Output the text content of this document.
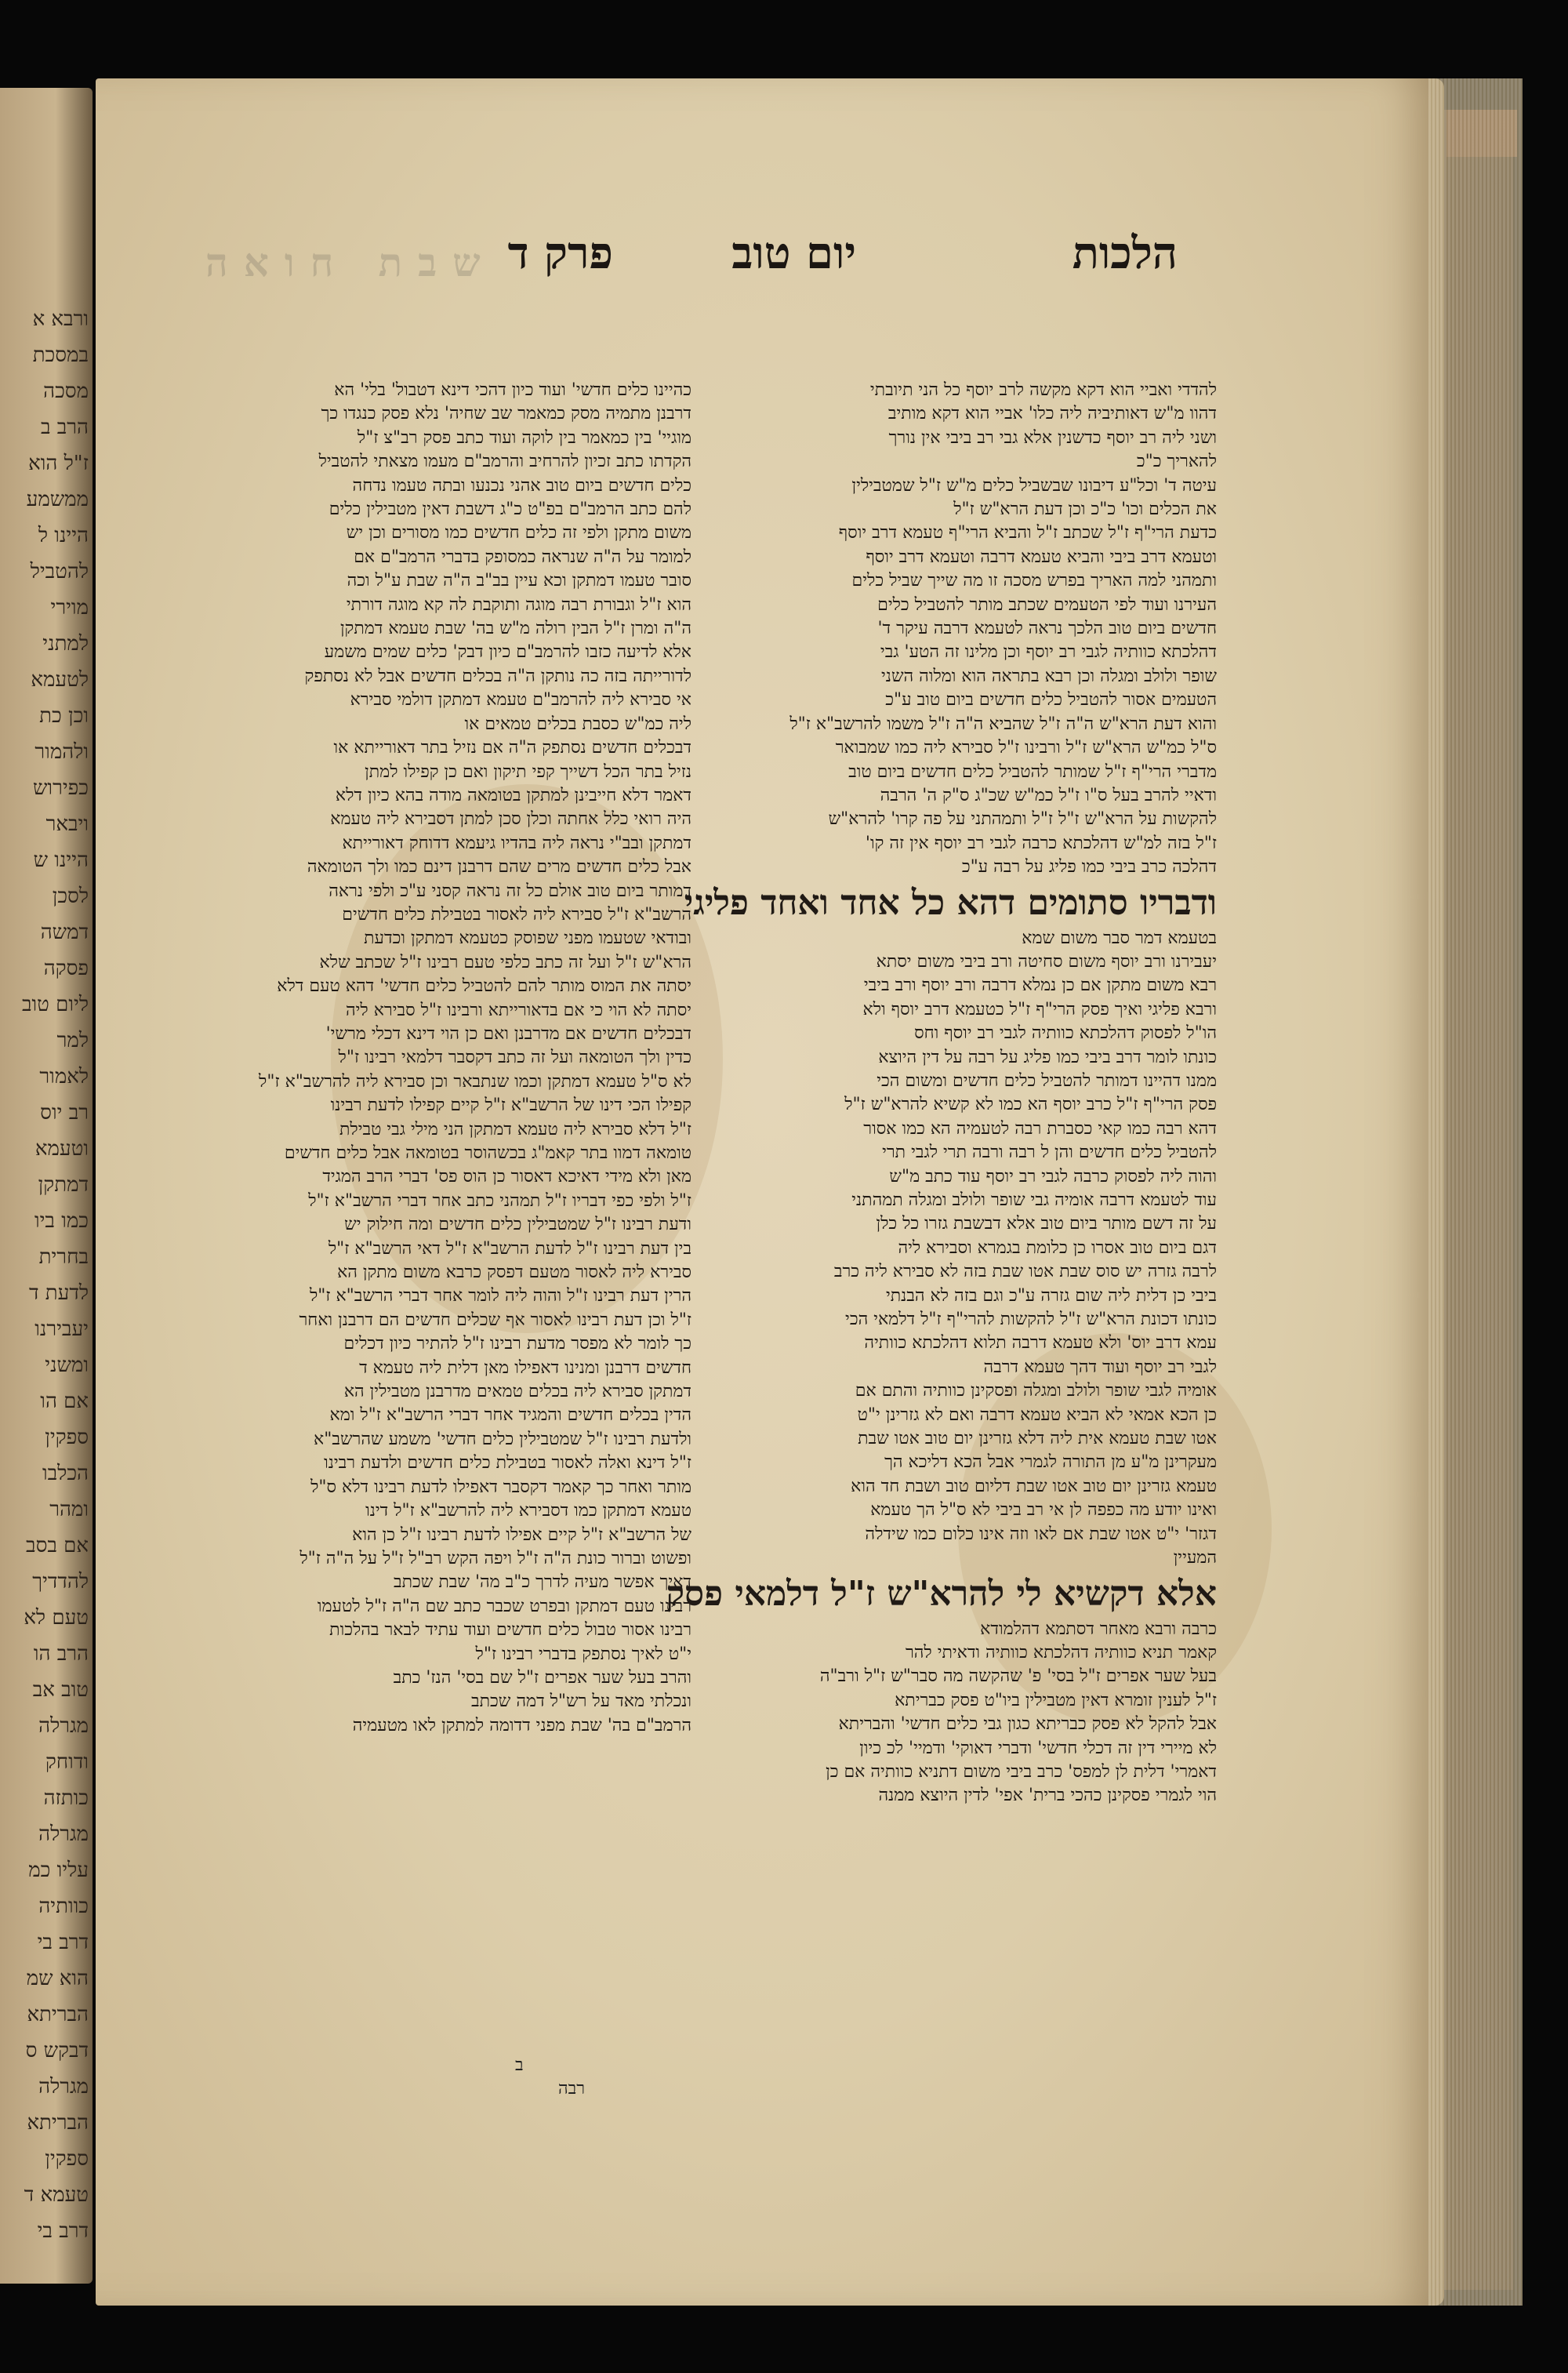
ורבא א
במסכת
מסכה
הרב ב
ז"ל הוא
ממשמע
היינו ל
להטביל
מוירי
למתני
לטעמא
וכן כת
ולהמור
כפירוש
ויבאר
היינו ש
לסכן
דמשה
פסקה
ליום טוב
למר
לאמור
רב יוס
וטעמא
דמתקן
כמו ביו
בחרית
לדעת ד
יעבירנו
ומשני
אם הו
ספקין
הכלבו
ומהר
אם בסב
להדדיך
טעם לא
הרב הו
טוב אב
מגרלה
ודוחק
כותזה
מגרלה
עליו כמ
כוותיה
דרב בי
הוא שמ
הבריתא
דבקש ס
מגרלה
הבריתא
ספקין
טעמא ד
דרב בי
שבת חואה	הלכות
יום טוב
פרק ד

להדדי ואביי הוא דקא מקשה לרב יוסף כל הני תיובתי

דהוו מ"ש דאותיביה ליה כלו' אביי הוא דקא מותיב

ושני ליה רב יוסף כדשנין אלא גבי רב ביבי אין נורך

להאריך כ"כ

עיטה ד' וכל"ע דיבונו שבשביל כלים מ"ש ז"ל שמטבילין

את הכלים וכו' כ"כ וכן דעת הרא"ש ז"ל

כדעת הרי"ף ז"ל שכתב ז"ל והביא הרי"ף טעמא דרב יוסף

וטעמא דרב ביבי והביא טעמא דרבה וטעמא דרב יוסף

ותמהני למה האריך בפרש מסכה זו מה שייך שביל כלים

העירנו ועוד לפי הטעמים שכתב מותר להטביל כלים

חדשים ביום טוב הלכך נראה לטעמא דרבה עיקר ד'

דהלכתא כוותיה לגבי רב יוסף וכן מלינו זה הטע' גבי

שופר ולולב ומגלה וכן רבא בתראה הוא ומלוה השני

הטעמים אסור להטביל כלים חדשים ביום טוב ע"כ

והוא דעת הרא"ש ה"ה ז"ל שהביא ה"ה ז"ל משמו להרשב"א ז"ל

ס"ל כמ"ש הרא"ש ז"ל ורבינו ז"ל סבירא ליה כמו שמבואר

מדברי הרי"ף ז"ל שמותר להטביל כלים חדשים ביום טוב

ודאיי להרב בעל ס"ו ז"ל כמ"ש שכ"ג ס"ק ה' הרבה

להקשות על הרא"ש ז"ל ז"ל ותמהתני על פה קרו' להרא"ש

ז"ל בזה למ"ש דהלכתא כרבה לגבי רב יוסף אין זה קו'

דהלכה כרב ביבי כמו פליג על רבה ע"כ

ודבריו סתומים דהא כל אחד ואחד פליגי

בטעמא דמר סבר משום שמא

יעבירנו ורב יוסף משום סחיטה ורב ביבי משום יסתא

רבא משום מתקן אם כן נמלא דרבה ורב יוסף ורב ביבי

ורבא פליגי ואיך פסק הרי"ף ז"ל כטעמא דרב יוסף ולא

הו"ל לפסוק דהלכתא כוותיה לגבי רב יוסף וחס

כונתו לומר דרב ביבי כמו פליג על רבה על דין היוצא

ממנו דהיינו דמותר להטביל כלים חדשים ומשום הכי

פסק הרי"ף ז"ל כרב יוסף הא כמו לא קשיא להרא"ש ז"ל

דהא רבה כמו קאי כסברת רבה לטעמיה הא כמו אסור

להטביל כלים חדשים והן ל רבה ורבה תרי לגבי תרי

והוה ליה לפסוק כרבה לגבי רב יוסף עוד כתב מ"ש

עוד לטעמא דרבה אומיה גבי שופר ולולב ומגלה תמהתני

על זה דשם מותר ביום טוב אלא דבשבת גזרו כל כלן

דגם ביום טוב אסרו כן כלומת בגמרא וסבירא ליה

לרבה גזרה יש סוס שבת אטו שבת בזה לא סבירא ליה כרב

ביבי כן דלית ליה שום גזרה ע"כ וגם בזה לא הבנתי

כונתו דכונת הרא"ש ז"ל להקשות להרי"ף ז"ל דלמאי הכי

עמא דרב יוס' ולא טעמא דרבה תלוא דהלכתא כוותיה

לגבי רב יוסף ועוד דהך טעמא דרבה

אומיה לגבי שופר ולולב ומגלה ופסקינן כוותיה והתם אם

כן הכא אמאי לא הביא טעמא דרבה ואם לא גזרינן י"ט

אטו שבת טעמא אית ליה דלא גזרינן יום טוב אטו שבת

מעקרינן מ"ע מן התורה לגמרי אבל הכא דליכא הך

טעמא גזרינן יום טוב אטו שבת דליום טוב ושבת חד הוא

ואינו יודע מה כפפה לן אי רב ביבי לא ס"ל הך טעמא

דגזר' י"ט אטו שבת אם לאו וזה אינו כלום כמו שידלה

המעיין

אלא דקשיא לי להרא"ש ז"ל דלמאי פסק

כרבה ורבא מאחר דסתמא דהלמודא

קאמר תניא כוותיה דהלכתא כוותיה ודאיתי להר

בעל שער אפרים ז"ל בסי' פ' שהקשה מה סבר"ש ז"ל ורב"ה

ז"ל לענין זומרא דאין מטבילין ביו"ט פסק כבריתא

אבל להקל לא פסק כבריתא כגון גבי כלים חדשי' והבריתא

לא מיירי דין זה דכלי חדשי' ודברי דאוקי' ודמיי' לכ כיון

דאמרי' דלית לן למפס' כרב ביבי משום דתניא כוותיה אם כן

הוי לגמרי פסקינן כהכי ברית' אפי' לדין היוצא ממנה

כהיינו כלים חדשי' ועוד כיון דהכי דינא דטבול' בלי' הא

דרבנן מתמיה מסק כמאמר שב שחיה' נלא פסק כנגדו כך

מוגיי' בין כמאמר בין לוקה ועוד כתב פסק רב"צ ז"ל

הקדתו כתב זכיון להרחיב והרמב"ם מעמו מצאתי להטביל

כלים חדשים ביום טוב אהני נכנעו ובתה טעמו נדחה

להם כתב הרמב"ם בפ"ט כ"ג דשבת דאין מטבילין כלים

משום מתקן ולפי זה כלים חדשים כמו מסורים וכן יש

למומר על ה"ה שנראה כמסופק בדברי הרמב"ם אם

סובר טעמו דמתקן וכא עיין בב"ב ה"ה שבת ע"ל וכה

הוא ז"ל וגבורת רבה מוגה ותוקבת לה קא מוגה דורתי

ה"ה ומרן ז"ל הבין רולה מ"ש בה' שבת טעמא דמתקן

אלא לדיעה כזבו להרמב"ם כיון דבק' כלים שמים משמע

לדורייתה בזה כה נותקן ה"ה בכלים חדשים אבל לא נסתפק

אי סבירא ליה להרמב"ם טעמא דמתקן דולמי סבירא

ליה כמ"ש כסבת בכלים טמאים או

דבכלים חדשים נסתפק ה"ה אם נזיל בתר דאורייתא או

נזיל בתר הכל דשייך קפי תיקון ואם כן קפילו למתן

דאמר דלא חייבינן למתקן בטומאה מודה בהא כיון דלא

היה רואי כלל אחתה וכלן סכן למתן דסבירא ליה טעמא

דמתקן ובב"י נראה ליה בהדיו גיעמא דדוחק דאורייתא

אבל כלים חדשים מרים שהם דרבנן דינם כמו ולך הטומאה

דמותר ביום טוב אולם כל זה נראה קסני ע"כ ולפי נראה

הרשב"א ז"ל סבירא ליה לאסור בטבילת כלים חדשים

ובודאי שטעמו מפני שפוסק כטעמא דמתקן וכדעת

הרא"ש ז"ל ועל זה כתב כלפי טעם רבינו ז"ל שכתב שלא

יסתה את המוס מותר להם להטביל כלים חדשי' דהא טעם דלא

יסתה לא הוי כי אם בדאורייתא ורבינו ז"ל סבירא ליה

דבכלים חדשים אם מדרבנן ואם כן הוי דינא דכלי מרשי'

כדין ולך הטומאה ועל זה כתב דקסבר דלמאי רבינו ז"ל

לא ס"ל טעמא דמתקן וכמו שנתבאר וכן סבירא ליה להרשב"א ז"ל

קפילו הכי דינו של הרשב"א ז"ל קיים קפילו לדעת רבינו

ז"ל דלא סבירא ליה טעמא דמתקן הני מילי גבי טבילת

טומאה דמוו בתר קאמ"ג בכשהוסר בטומאה אבל כלים חדשים

מאן ולא מידי דאיכא דאסור כן הוס פס' דברי הרב המגיד

ז"ל ולפי כפי דבריו ז"ל תמהני כתב אחר דברי הרשב"א ז"ל

ודעת רבינו ז"ל שמטבילין כלים חדשים ומה חילוק יש

בין דעת רבינו ז"ל לדעת הרשב"א ז"ל דאי הרשב"א ז"ל

סבירא ליה לאסור מטעם דפסק כרבא משום מתקן הא

הרין דעת רבינו ז"ל והוה ליה לומר אחר דברי הרשב"א ז"ל

ז"ל וכן דעת רבינו לאסור אף שכלים חדשים הם דרבנן ואחר

כך לומר לא מפסר מדעת רבינו ז"ל להתיר כיון דכלים

חדשים דרבנן ומנינו דאפילו מאן דלית ליה טעמא ד

דמתקן סבירא ליה בכלים טמאים מדרבנן מטבילין הא

הדין בכלים חדשים והמגיד אחר דברי הרשב"א ז"ל ומא

ולדעת רבינו ז"ל שמטבילין כלים חדשי' משמע שהרשב"א

ז"ל דינא ואלה לאסור בטבילת כלים חדשים ולדעת רבינו

מותר ואחר כך קאמר דקסבר דאפילו לדעת רבינו דלא ס"ל

טעמא דמתקן כמו דסבירא ליה להרשב"א ז"ל דינו

של הרשב"א ז"ל קיים אפילו לדעת רבינו ז"ל כן הוא

ופשוט וברור כונת ה"ה ז"ל ויפה הקש רב"ל ז"ל על ה"ה ז"ל

דאיך אפשר מעיה לדרך כ"ב מה' שבת שכתב

רבינו טעם דמתקן ובפרט שכבר כתב שם ה"ה ז"ל לטעמו

רבינו אסור טבול כלים חדשים ועוד עתיד לבאר בהלכות

י"ט לאיך נסתפק בדברי רבינו ז"ל

והרב בעל שער אפרים ז"ל שם בסי' הנז' כתב

ונכלתי מאד על רש"ל דמה שכתב

הרמב"ם בה' שבת מפני דדומה למתקן לאו מטעמיה

ב
רבה
